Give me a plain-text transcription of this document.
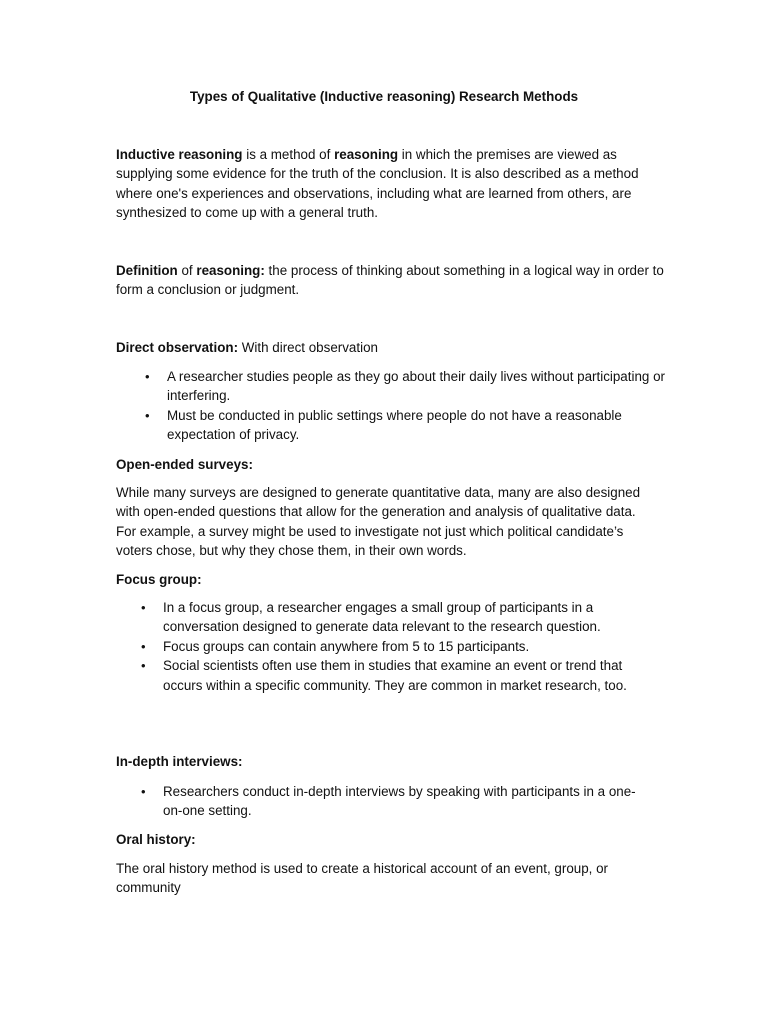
Types of Qualitative (Inductive reasoning) Research Methods

Inductive reasoning is a method of reasoning in which the premises are viewed as supplying some evidence for the truth of the conclusion. It is also described as a method where one's experiences and observations, including what are learned from others, are synthesized to come up with a general truth.

Definition of reasoning: the process of thinking about something in a logical way in order to form a conclusion or judgment.

Direct observation: With direct observation

• A researcher studies people as they go about their daily lives without participating or interfering.
• Must be conducted in public settings where people do not have a reasonable expectation of privacy.

Open-ended surveys:

While many surveys are designed to generate quantitative data, many are also designed with open-ended questions that allow for the generation and analysis of qualitative data. For example, a survey might be used to investigate not just which political candidate’s voters chose, but why they chose them, in their own words.

Focus group:

• In a focus group, a researcher engages a small group of participants in a conversation designed to generate data relevant to the research question.
• Focus groups can contain anywhere from 5 to 15 participants.
• Social scientists often use them in studies that examine an event or trend that occurs within a specific community. They are common in market research, too.

In-depth interviews:

• Researchers conduct in-depth interviews by speaking with participants in a one-on-one setting.

Oral history:

The oral history method is used to create a historical account of an event, group, or community
